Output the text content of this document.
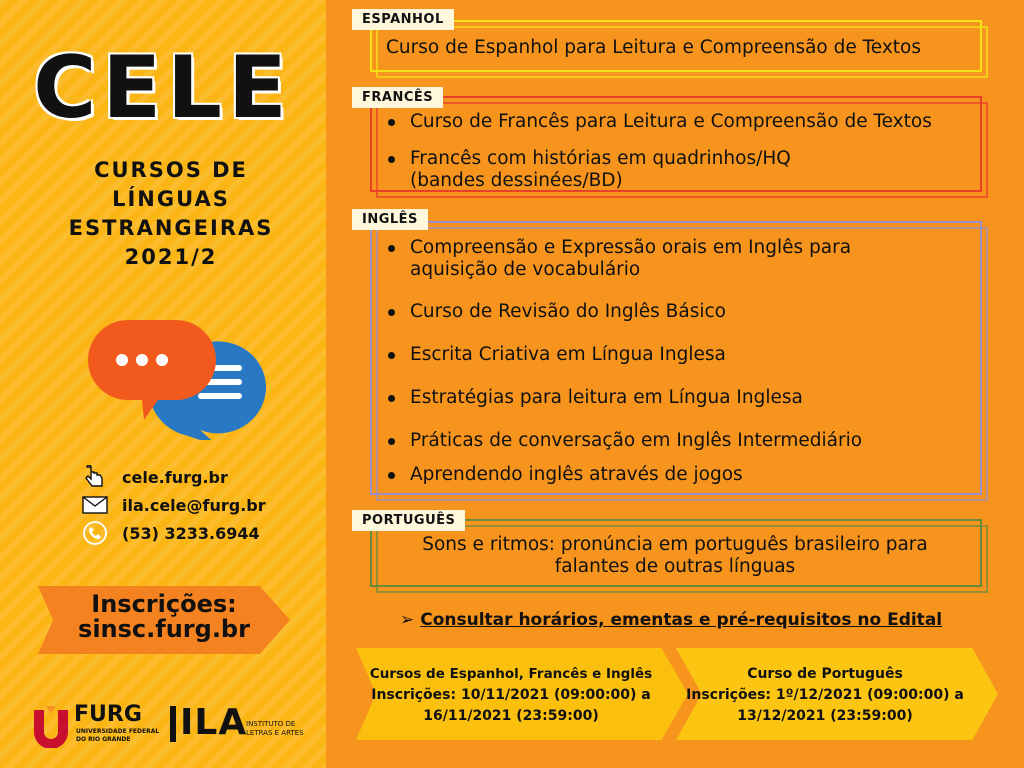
CELE
CURSOS DE
LÍNGUAS
ESTRANGEIRAS
2021/2
cele.furg.br
ila.cele@furg.br
(53) 3233.6944
Inscrições:
sinsc.furg.br
FURG
UNIVERSIDADE FEDERAL
DO RIO GRANDE	ILA
INSTITUTO DE
LETRAS E ARTES
ESPANHOL
Curso de Espanhol para Leitura e Compreensão de Textos
FRANCÊS
Curso de Francês para Leitura e Compreensão de Textos
Francês com histórias em quadrinhos/HQ
(bandes dessinées/BD)
INGLÊS
Compreensão e Expressão orais em Inglês para
aquisição de vocabulário
Curso de Revisão do Inglês Básico
Escrita Criativa em Língua Inglesa
Estratégias para leitura em Língua Inglesa
Práticas de conversação em Inglês Intermediário
Aprendendo inglês através de jogos
PORTUGUÊS
Sons e ritmos: pronúncia em português brasileiro para
falantes de outras línguas
➢ Consultar horários, ementas e pré-requisitos no Edital
Cursos de Espanhol, Francês e Inglês
Inscrições: 10/11/2021 (09:00:00) a
16/11/2021 (23:59:00)
Curso de Português
Inscrições: 1º/12/2021 (09:00:00) a
13/12/2021 (23:59:00)
